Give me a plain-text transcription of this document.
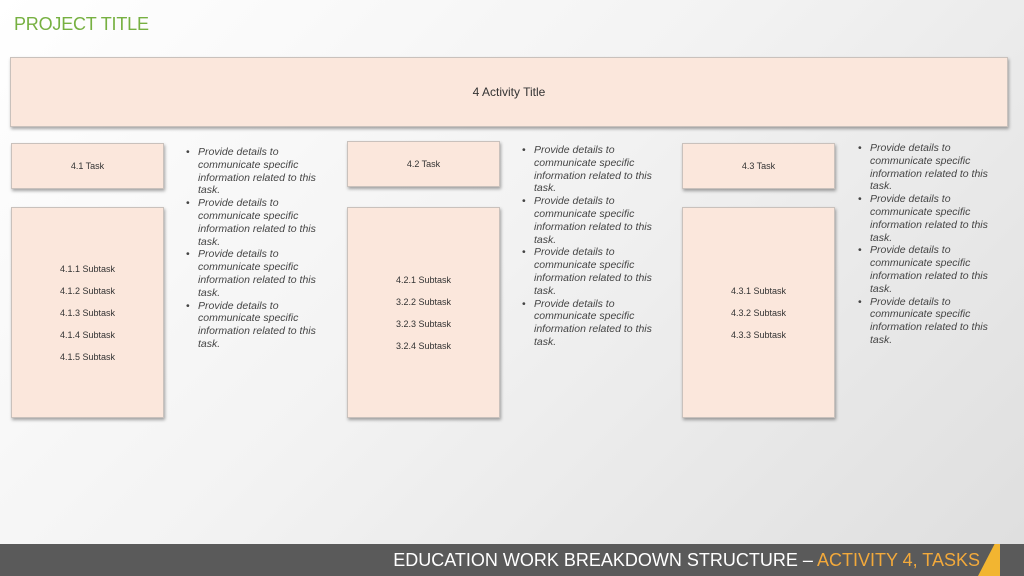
PROJECT TITLE
4 Activity Title
4.1 Task
4.1.1 Subtask
4.1.2 Subtask
4.1.3 Subtask
4.1.4 Subtask
4.1.5 Subtask
• Provide details to communicate specific information related to this task.
• Provide details to communicate specific information related to this task.
• Provide details to communicate specific information related to this task.
• Provide details to communicate specific information related to this task.
4.2 Task
4.2.1 Subtask
3.2.2 Subtask
3.2.3 Subtask
3.2.4 Subtask
• Provide details to communicate specific information related to this task.
• Provide details to communicate specific information related to this task.
• Provide details to communicate specific information related to this task.
• Provide details to communicate specific information related to this task.
4.3 Task
4.3.1 Subtask
4.3.2 Subtask
4.3.3 Subtask
• Provide details to communicate specific information related to this task.
• Provide details to communicate specific information related to this task.
• Provide details to communicate specific information related to this task.
• Provide details to communicate specific information related to this task.
EDUCATION WORK BREAKDOWN STRUCTURE – ACTIVITY 4, TASKS
